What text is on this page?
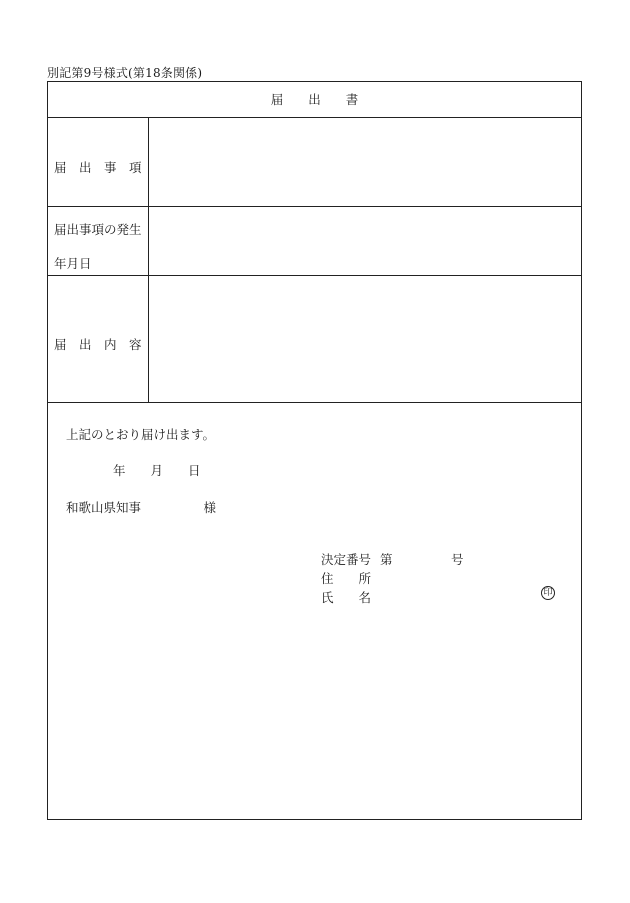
別記第9号様式(第18条関係)
届　　出　　書
届　出　事　項
届出事項の発生
年月日
届　出　内　容
上記のとおり届け出ます。
年　　月　　日
和歌山県知事　　　　　様
決定番号 第	号
住　　所
氏　　名	印
